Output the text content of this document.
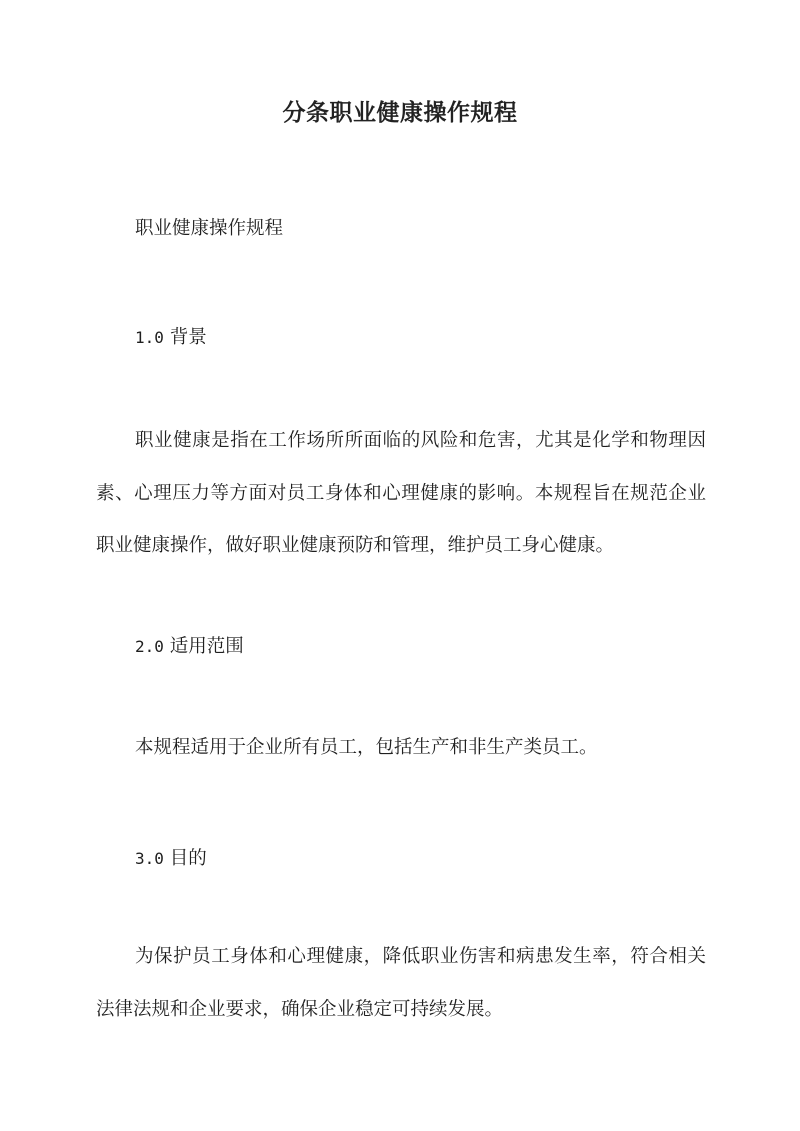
分条职业健康操作规程
职业健康操作规程
1.0 背景
职业健康是指在工作场所所面临的风险和危害，尤其是化学和物理因素、心理压力等方面对员工身体和心理健康的影响。本规程旨在规范企业职业健康操作，做好职业健康预防和管理，维护员工身心健康。
2.0 适用范围
本规程适用于企业所有员工，包括生产和非生产类员工。
3.0 目的
为保护员工身体和心理健康，降低职业伤害和病患发生率，符合相关法律法规和企业要求，确保企业稳定可持续发展。
